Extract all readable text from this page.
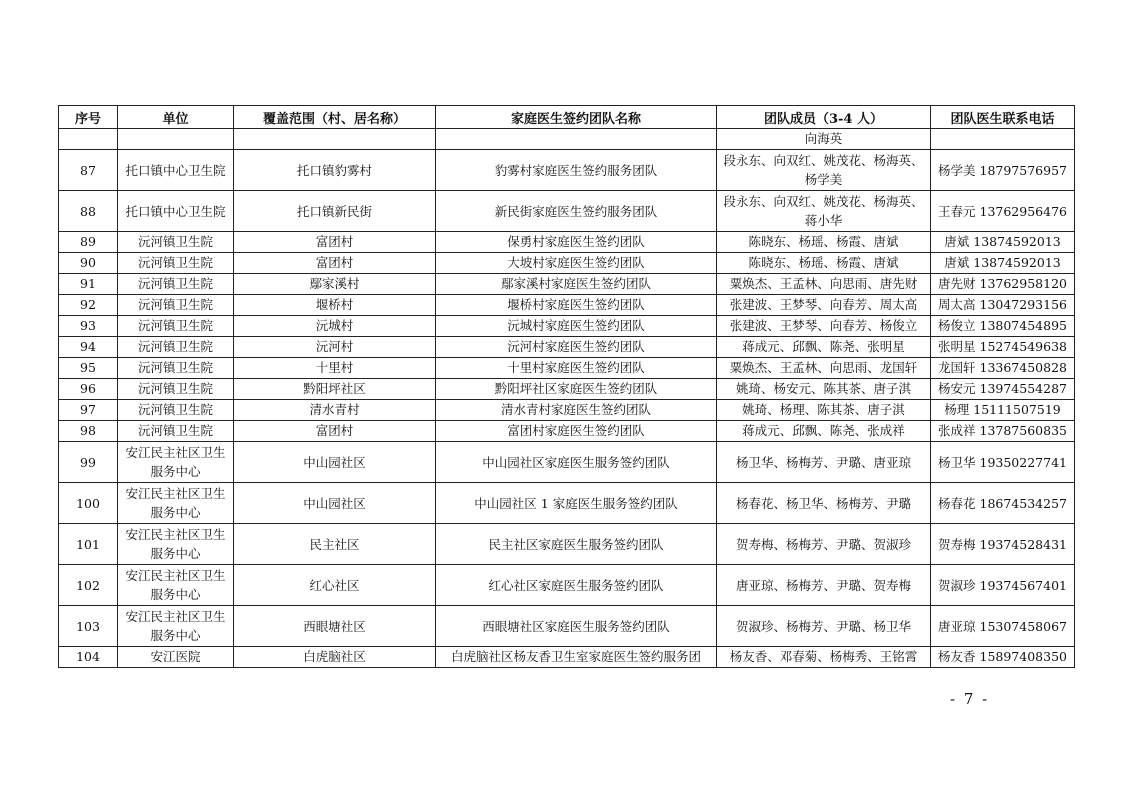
序号	单位	覆盖范围（村、居名称）	家庭医生签约团队名称	团队成员（3-4 人）	团队医生联系电话
				向海英	
87	托口镇中心卫生院	托口镇豹雾村	豹雾村家庭医生签约服务团队	段永东、向双红、姚茂花、杨海英、杨学美	杨学美 18797576957
88	托口镇中心卫生院	托口镇新民街	新民街家庭医生签约服务团队	段永东、向双红、姚茂花、杨海英、蒋小华	王春元 13762956476
89	沅河镇卫生院	富团村	保勇村家庭医生签约团队	陈晓东、杨瑶、杨霞、唐斌	唐斌 13874592013
90	沅河镇卫生院	富团村	大坡村家庭医生签约团队	陈晓东、杨瑶、杨霞、唐斌	唐斌 13874592013
91	沅河镇卫生院	鄢家溪村	鄢家溪村家庭医生签约团队	粟焕杰、王孟林、向思雨、唐先财	唐先财 13762958120
92	沅河镇卫生院	堰桥村	堰桥村家庭医生签约团队	张建波、王梦琴、向春芳、周太高	周太高 13047293156
93	沅河镇卫生院	沅城村	沅城村家庭医生签约团队	张建波、王梦琴、向春芳、杨俊立	杨俊立 13807454895
94	沅河镇卫生院	沅河村	沅河村家庭医生签约团队	蒋成元、邱飘、陈尧、张明星	张明星 15274549638
95	沅河镇卫生院	十里村	十里村家庭医生签约团队	粟焕杰、王孟林、向思雨、龙国轩	龙国轩 13367450828
96	沅河镇卫生院	黔阳坪社区	黔阳坪社区家庭医生签约团队	姚琦、杨安元、陈其茶、唐子淇	杨安元 13974554287
97	沅河镇卫生院	清水青村	清水青村家庭医生签约团队	姚琦、杨理、陈其茶、唐子淇	杨理 15111507519
98	沅河镇卫生院	富团村	富团村家庭医生签约团队	蒋成元、邱飘、陈尧、张成祥	张成祥 13787560835
99	安江民主社区卫生服务中心	中山园社区	中山园社区家庭医生服务签约团队	杨卫华、杨梅芳、尹璐、唐亚琼	杨卫华 19350227741
100	安江民主社区卫生服务中心	中山园社区	中山园社区 1 家庭医生服务签约团队	杨春花、杨卫华、杨梅芳、尹璐	杨春花 18674534257
101	安江民主社区卫生服务中心	民主社区	民主社区家庭医生服务签约团队	贺寿梅、杨梅芳、尹璐、贺淑珍	贺寿梅 19374528431
102	安江民主社区卫生服务中心	红心社区	红心社区家庭医生服务签约团队	唐亚琼、杨梅芳、尹璐、贺寿梅	贺淑珍 19374567401
103	安江民主社区卫生服务中心	西眼塘社区	西眼塘社区家庭医生服务签约团队	贺淑珍、杨梅芳、尹璐、杨卫华	唐亚琼 15307458067
104	安江医院	白虎脑社区	白虎脑社区杨友香卫生室家庭医生签约服务团	杨友香、邓春菊、杨梅秀、王铭霄	杨友香 15897408350
- 7 -
